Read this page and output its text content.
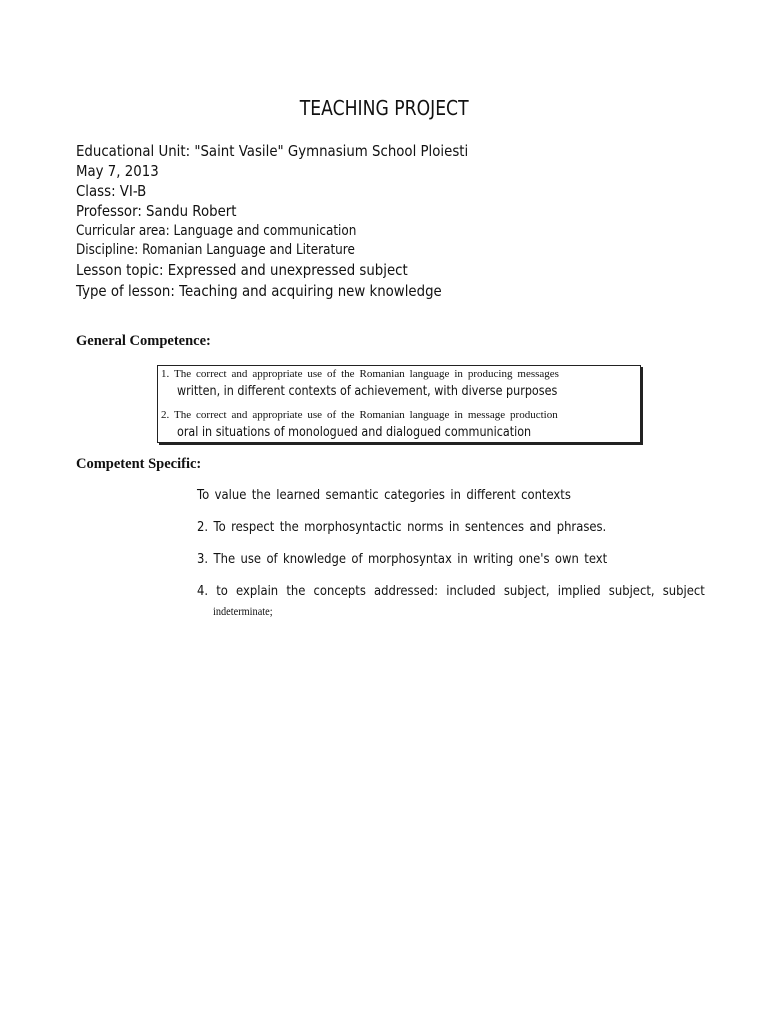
TEACHING PROJECT
Educational Unit: "Saint Vasile" Gymnasium School Ploiesti
May 7, 2013
Class: VI-B
Professor: Sandu Robert
Curricular area: Language and communication
Discipline: Romanian Language and Literature
Lesson topic: Expressed and unexpressed subject
Type of lesson: Teaching and acquiring new knowledge
General Competence:
1. The correct and appropriate use of the Romanian language in producing messages
written, in different contexts of achievement, with diverse purposes
2. The correct and appropriate use of the Romanian language in message production
oral in situations of monologued and dialogued communication
Competent Specific:
To value the learned semantic categories in different contexts
2. To respect the morphosyntactic norms in sentences and phrases.
3. The use of knowledge of morphosyntax in writing one's own text
4. to explain the concepts addressed: included subject, implied subject, subject
indeterminate;
